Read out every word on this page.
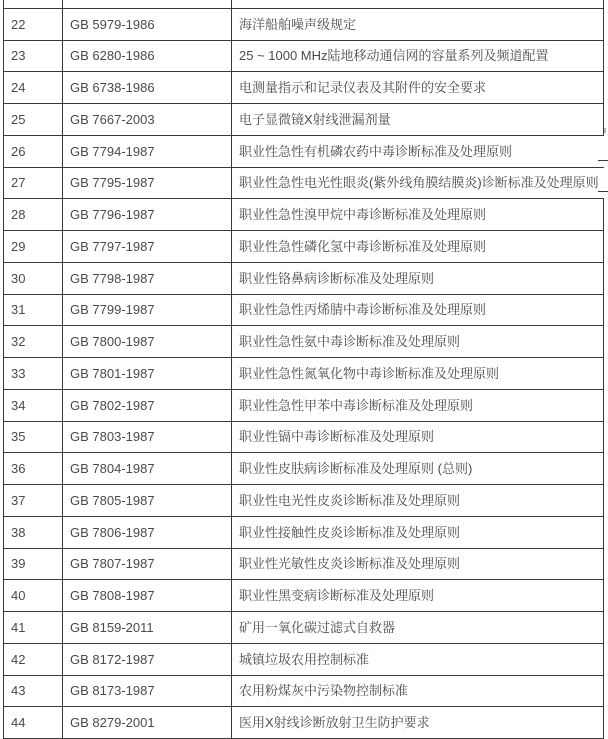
22	GB 5979-1986	海洋船舶噪声级规定
23	GB 6280-1986	25 ~ 1000 MHz陆地移动通信网的容量系列及频道配置
24	GB 6738-1986	电测量指示和记录仪表及其附件的安全要求
25	GB 7667-2003	电子显微镜X射线泄漏剂量
26	GB 7794-1987	职业性急性有机磷农药中毒诊断标准及处理原则
27	GB 7795-1987	职业性急性电光性眼炎(紫外线角膜结膜炎)诊断标准及处理原则
28	GB 7796-1987	职业性急性溴甲烷中毒诊断标准及处理原则
29	GB 7797-1987	职业性急性磷化氢中毒诊断标准及处理原则
30	GB 7798-1987	职业性铬鼻病诊断标准及处理原则
31	GB 7799-1987	职业性急性丙烯腈中毒诊断标准及处理原则
32	GB 7800-1987	职业性急性氨中毒诊断标准及处理原则
33	GB 7801-1987	职业性急性氮氧化物中毒诊断标准及处理原则
34	GB 7802-1987	职业性急性甲苯中毒诊断标准及处理原则
35	GB 7803-1987	职业性镉中毒诊断标准及处理原则
36	GB 7804-1987	职业性皮肤病诊断标准及处理原则 (总则)
37	GB 7805-1987	职业性电光性皮炎诊断标准及处理原则
38	GB 7806-1987	职业性接触性皮炎诊断标准及处理原则
39	GB 7807-1987	职业性光敏性皮炎诊断标准及处理原则
40	GB 7808-1987	职业性黑变病诊断标准及处理原则
41	GB 8159-2011	矿用一氧化碳过滤式自救器
42	GB 8172-1987	城镇垃圾农用控制标准
43	GB 8173-1987	农用粉煤灰中污染物控制标准
44	GB 8279-2001	医用X射线诊断放射卫生防护要求
